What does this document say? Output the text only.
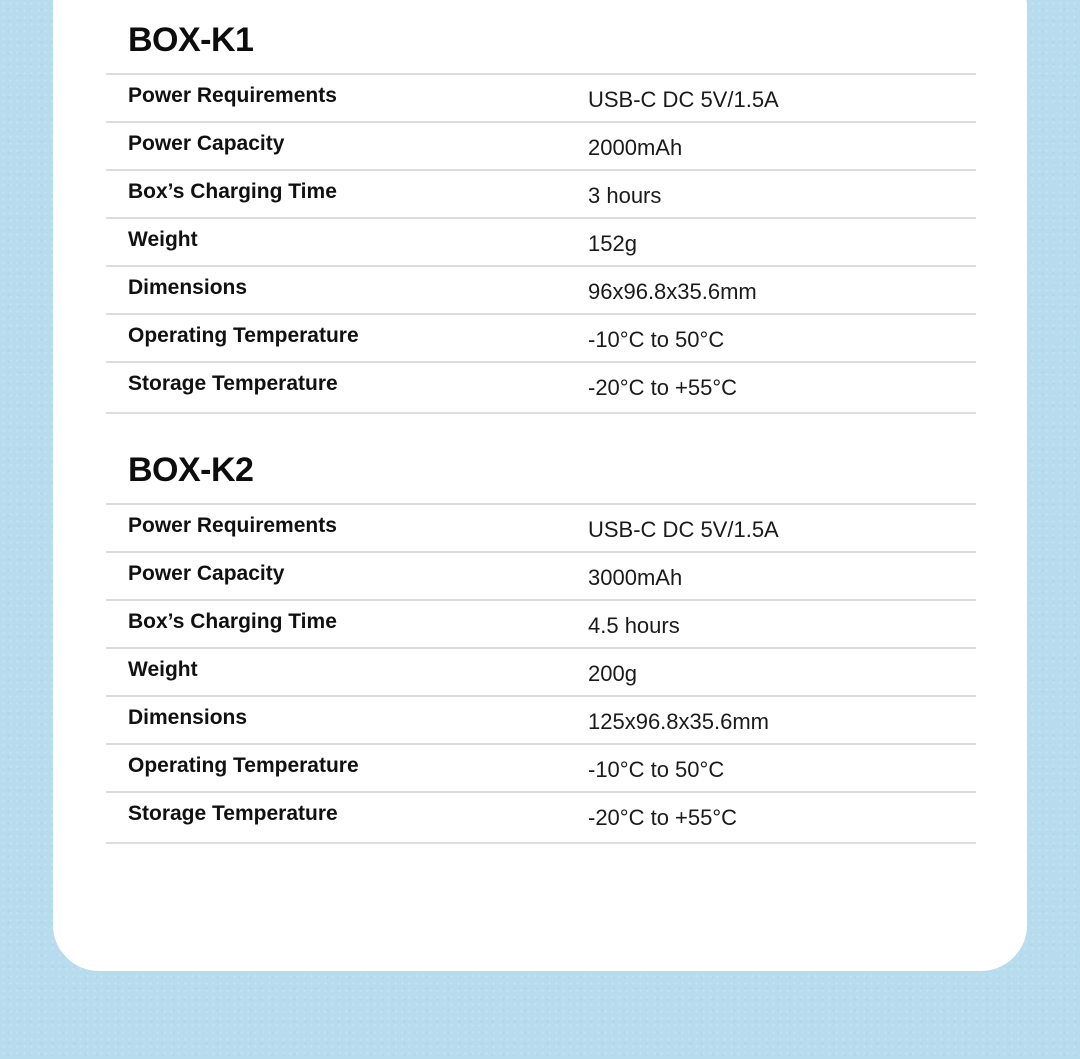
BOX-K1
Power Requirements	USB-C DC 5V/1.5A
Power Capacity	2000mAh
Box’s Charging Time	3 hours
Weight	152g
Dimensions	96x96.8x35.6mm
Operating Temperature	-10°C to 50°C
Storage Temperature	-20°C to +55°C
BOX-K2
Power Requirements	USB-C DC 5V/1.5A
Power Capacity	3000mAh
Box’s Charging Time	4.5 hours
Weight	200g
Dimensions	125x96.8x35.6mm
Operating Temperature	-10°C to 50°C
Storage Temperature	-20°C to +55°C
